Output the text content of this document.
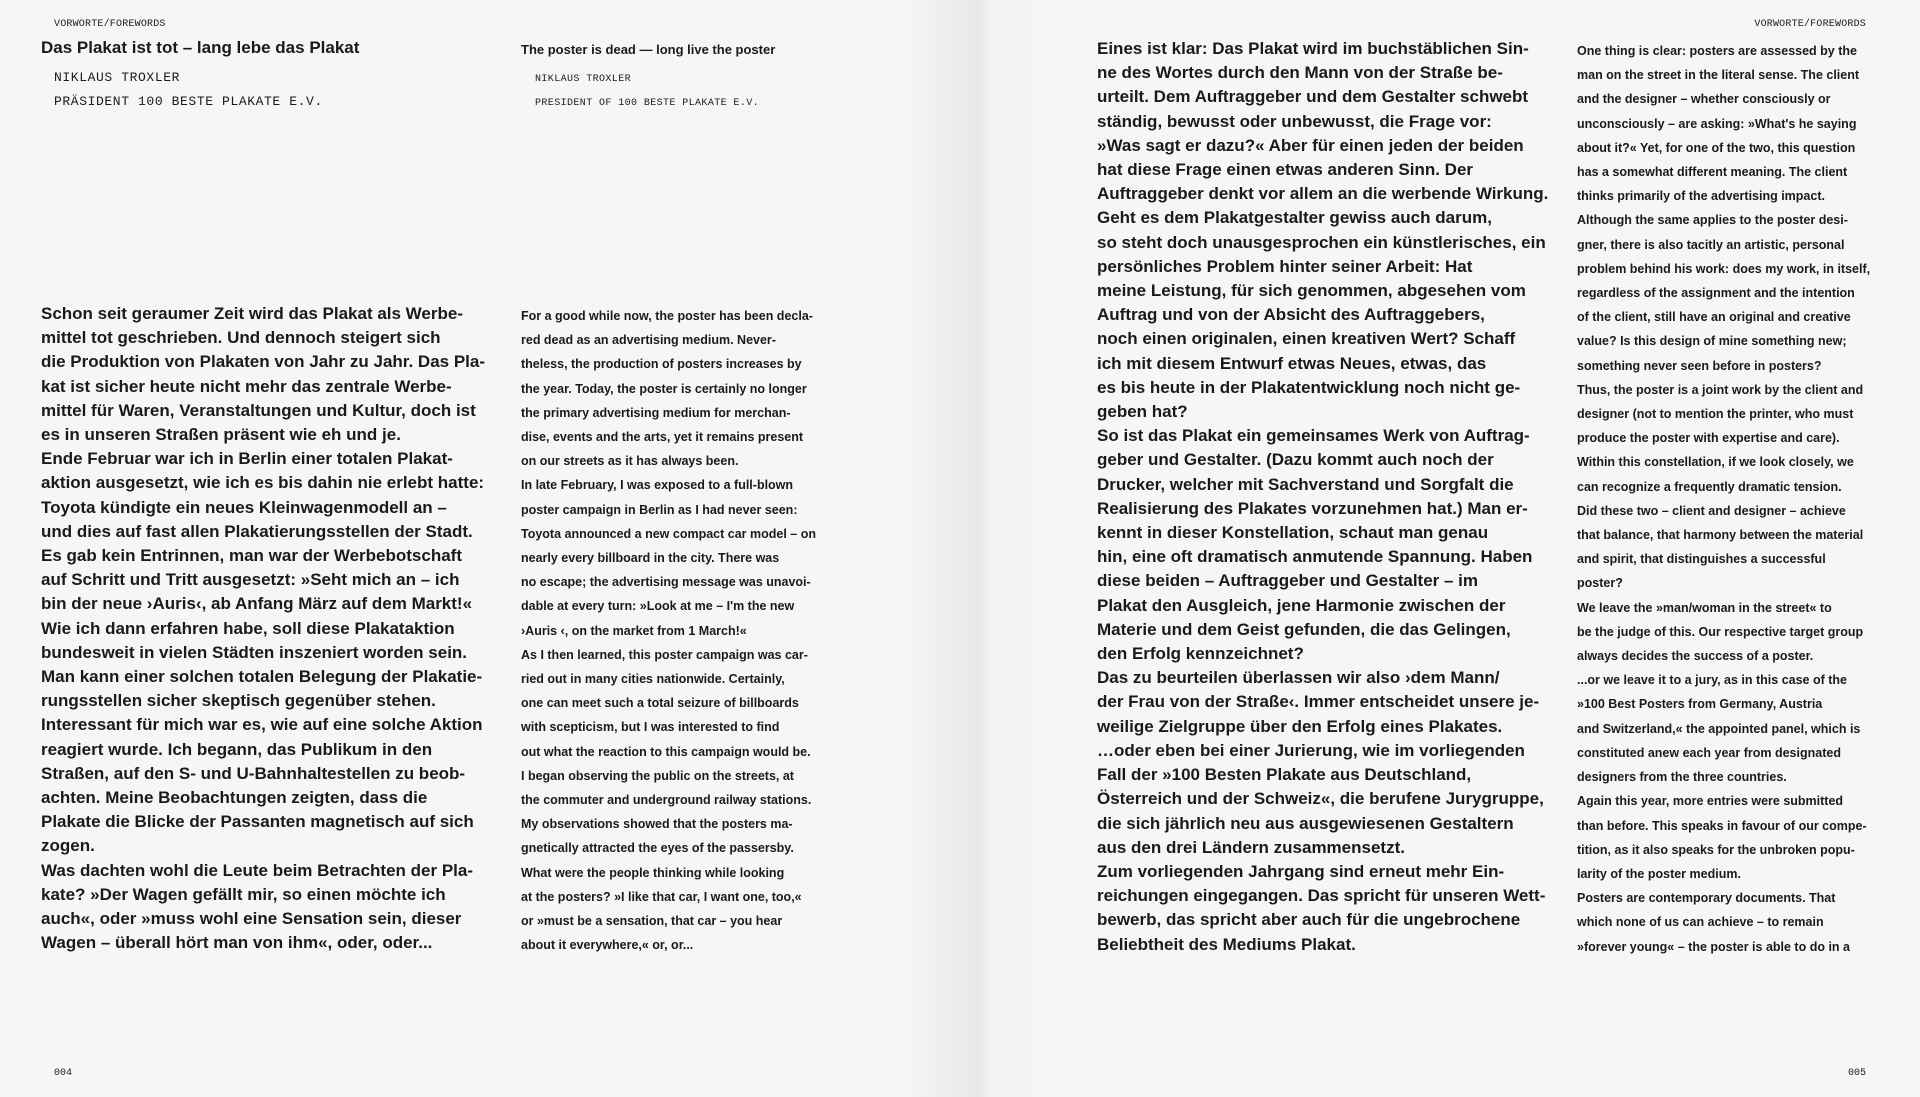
VORWORTE/FOREWORDS
Das Plakat ist tot – lang lebe das Plakat
NIKLAUS TROXLER
PRÄSIDENT 100 BESTE PLAKATE E.V.
The poster is dead — long live the poster
NIKLAUS TROXLER
PRESIDENT OF 100 BESTE PLAKATE E.V.
Schon seit geraumer Zeit wird das Plakat als Werbe-
mittel tot geschrieben. Und dennoch steigert sich
die Produktion von Plakaten von Jahr zu Jahr. Das Pla-
kat ist sicher heute nicht mehr das zentrale Werbe-
mittel für Waren, Veranstaltungen und Kultur, doch ist
es in unseren Straßen präsent wie eh und je.
Ende Februar war ich in Berlin einer totalen Plakat-
aktion ausgesetzt, wie ich es bis dahin nie erlebt hatte:
Toyota kündigte ein neues Kleinwagenmodell an –
und dies auf fast allen Plakatierungsstellen der Stadt.
Es gab kein Entrinnen, man war der Werbebotschaft
auf Schritt und Tritt ausgesetzt: »Seht mich an – ich
bin der neue ›Auris‹, ab Anfang März auf dem Markt!«
Wie ich dann erfahren habe, soll diese Plakataktion
bundesweit in vielen Städten inszeniert worden sein.
Man kann einer solchen totalen Belegung der Plakatie-
rungsstellen sicher skeptisch gegenüber stehen.
Interessant für mich war es, wie auf eine solche Aktion
reagiert wurde. Ich begann, das Publikum in den
Straßen, auf den S- und U-Bahnhaltestellen zu beob-
achten. Meine Beobachtungen zeigten, dass die
Plakate die Blicke der Passanten magnetisch auf sich
zogen.
Was dachten wohl die Leute beim Betrachten der Pla-
kate? »Der Wagen gefällt mir, so einen möchte ich
auch«, oder »muss wohl eine Sensation sein, dieser
Wagen – überall hört man von ihm«, oder, oder...
For a good while now, the poster has been decla-
red dead as an advertising medium. Never-
theless, the production of posters increases by
the year. Today, the poster is certainly no longer
the primary advertising medium for merchan-
dise, events and the arts, yet it remains present
on our streets as it has always been.
In late February, I was exposed to a full-blown
poster campaign in Berlin as I had never seen:
Toyota announced a new compact car model – on
nearly every billboard in the city. There was
no escape; the advertising message was unavoi-
dable at every turn: »Look at me – I'm the new
›Auris ‹, on the market from 1 March!«
As I then learned, this poster campaign was car-
ried out in many cities nationwide. Certainly,
one can meet such a total seizure of billboards
with scepticism, but I was interested to find
out what the reaction to this campaign would be.
I began observing the public on the streets, at
the commuter and underground railway stations.
My observations showed that the posters ma-
gnetically attracted the eyes of the passersby.
What were the people thinking while looking
at the posters? »I like that car, I want one, too,«
or »must be a sensation, that car – you hear
about it everywhere,« or, or...
004
VORWORTE/FOREWORDS
Eines ist klar: Das Plakat wird im buchstäblichen Sin-
ne des Wortes durch den Mann von der Straße be-
urteilt. Dem Auftraggeber und dem Gestalter schwebt
ständig, bewusst oder unbewusst, die Frage vor:
»Was sagt er dazu?« Aber für einen jeden der beiden
hat diese Frage einen etwas anderen Sinn. Der
Auftraggeber denkt vor allem an die werbende Wirkung.
Geht es dem Plakatgestalter gewiss auch darum,
so steht doch unausgesprochen ein künstlerisches, ein
persönliches Problem hinter seiner Arbeit: Hat
meine Leistung, für sich genommen, abgesehen vom
Auftrag und von der Absicht des Auftraggebers,
noch einen originalen, einen kreativen Wert? Schaff
ich mit diesem Entwurf etwas Neues, etwas, das
es bis heute in der Plakatentwicklung noch nicht ge-
geben hat?
So ist das Plakat ein gemeinsames Werk von Auftrag-
geber und Gestalter. (Dazu kommt auch noch der
Drucker, welcher mit Sachverstand und Sorgfalt die
Realisierung des Plakates vorzunehmen hat.) Man er-
kennt in dieser Konstellation, schaut man genau
hin, eine oft dramatisch anmutende Spannung. Haben
diese beiden – Auftraggeber und Gestalter – im
Plakat den Ausgleich, jene Harmonie zwischen der
Materie und dem Geist gefunden, die das Gelingen,
den Erfolg kennzeichnet?
Das zu beurteilen überlassen wir also ›dem Mann/
der Frau von der Straße‹. Immer entscheidet unsere je-
weilige Zielgruppe über den Erfolg eines Plakates.
…oder eben bei einer Jurierung, wie im vorliegenden
Fall der »100 Besten Plakate aus Deutschland,
Österreich und der Schweiz«, die berufene Jurygruppe,
die sich jährlich neu aus ausgewiesenen Gestaltern
aus den drei Ländern zusammensetzt.
Zum vorliegenden Jahrgang sind erneut mehr Ein-
reichungen eingegangen. Das spricht für unseren Wett-
bewerb, das spricht aber auch für die ungebrochene
Beliebtheit des Mediums Plakat.
One thing is clear: posters are assessed by the
man on the street in the literal sense. The client
and the designer – whether consciously or
unconsciously – are asking: »What's he saying
about it?« Yet, for one of the two, this question
has a somewhat different meaning. The client
thinks primarily of the advertising impact.
Although the same applies to the poster desi-
gner, there is also tacitly an artistic, personal
problem behind his work: does my work, in itself,
regardless of the assignment and the intention
of the client, still have an original and creative
value? Is this design of mine something new;
something never seen before in posters?
Thus, the poster is a joint work by the client and
designer (not to mention the printer, who must
produce the poster with expertise and care).
Within this constellation, if we look closely, we
can recognize a frequently dramatic tension.
Did these two – client and designer – achieve
that balance, that harmony between the material
and spirit, that distinguishes a successful
poster?
We leave the »man/woman in the street« to
be the judge of this. Our respective target group
always decides the success of a poster.
...or we leave it to a jury, as in this case of the
»100 Best Posters from Germany, Austria
and Switzerland,« the appointed panel, which is
constituted anew each year from designated
designers from the three countries.
Again this year, more entries were submitted
than before. This speaks in favour of our compe-
tition, as it also speaks for the unbroken popu-
larity of the poster medium.
Posters are contemporary documents. That
which none of us can achieve – to remain
»forever young« – the poster is able to do in a
005
